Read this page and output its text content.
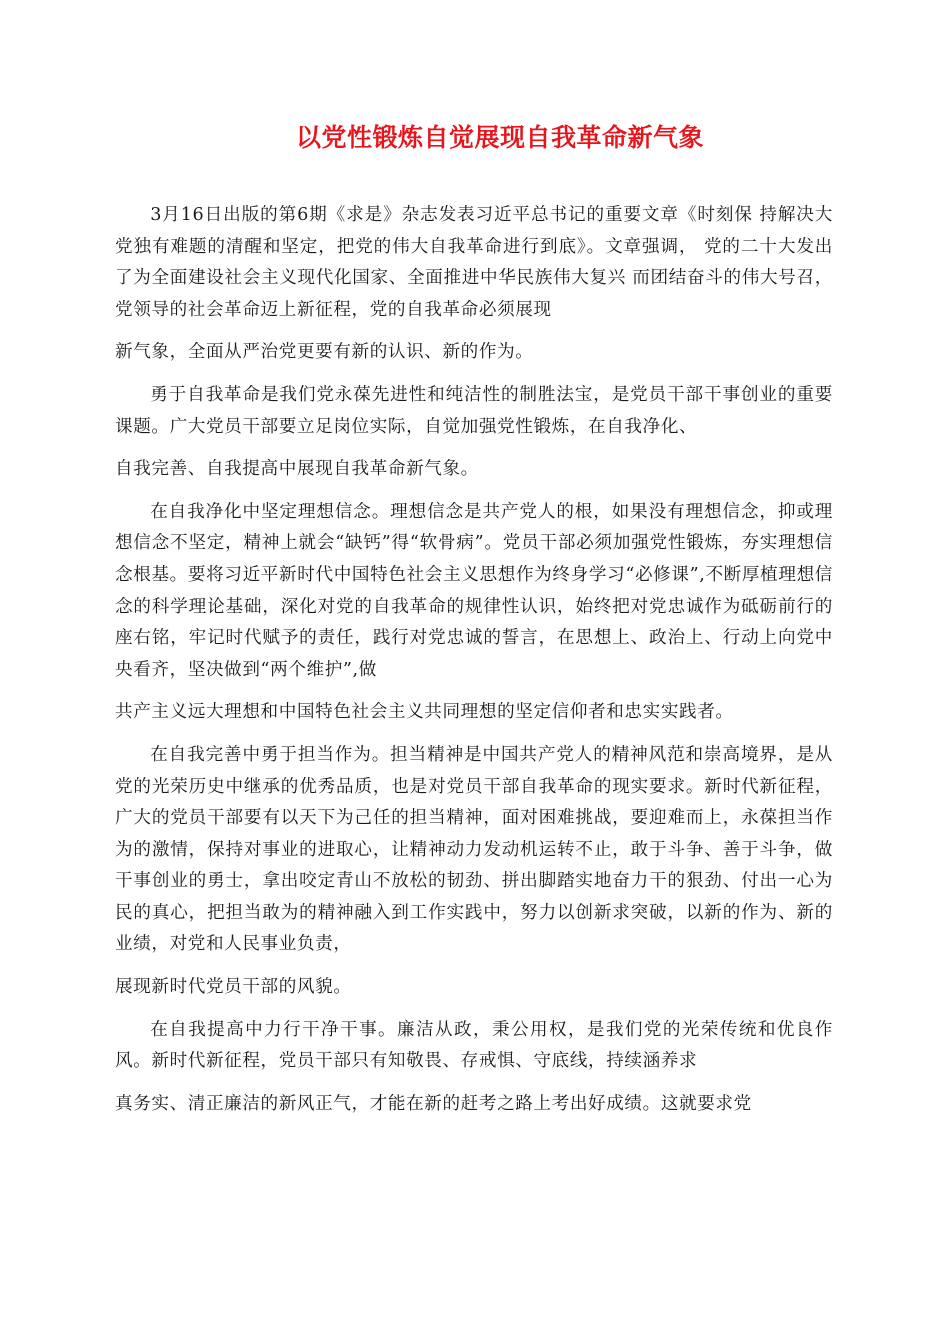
以党性锻炼自觉展现自我革命新气象

3月16日出版的第6期《求是》杂志发表习近平总书记的重要文章《时刻保 持解决大党独有难题的清醒和坚定，把党的伟大自我革命进行到底》。文章强调， 党的二十大发出了为全面建设社会主义现代化国家、全面推进中华民族伟大复兴 而团结奋斗的伟大号召，党领导的社会革命迈上新征程，党的自我革命必须展现

新气象，全面从严治党更要有新的认识、新的作为。

勇于自我革命是我们党永葆先进性和纯洁性的制胜法宝，是党员干部干事创业的重要课题。广大党员干部要立足岗位实际，自觉加强党性锻炼，在自我净化、

自我完善、自我提高中展现自我革命新气象。

在自我净化中坚定理想信念。理想信念是共产党人的根，如果没有理想信念，抑或理想信念不坚定，精神上就会“缺钙”得“软骨病”。党员干部必须加强党性锻炼，夯实理想信念根基。要将习近平新时代中国特色社会主义思想作为终身学习“必修课”,不断厚植理想信念的科学理论基础，深化对党的自我革命的规律性认识，始终把对党忠诚作为砥砺前行的座右铭，牢记时代赋予的责任，践行对党忠诚的誓言，在思想上、政治上、行动上向党中央看齐，坚决做到“两个维护”,做

共产主义远大理想和中国特色社会主义共同理想的坚定信仰者和忠实实践者。

在自我完善中勇于担当作为。担当精神是中国共产党人的精神风范和崇高境界，是从党的光荣历史中继承的优秀品质，也是对党员干部自我革命的现实要求。新时代新征程，广大的党员干部要有以天下为己任的担当精神，面对困难挑战，要迎难而上，永葆担当作为的激情，保持对事业的进取心，让精神动力发动机运转不止，敢于斗争、善于斗争，做干事创业的勇士，拿出咬定青山不放松的韧劲、拼出脚踏实地奋力干的狠劲、付出一心为民的真心，把担当敢为的精神融入到工作实践中，努力以创新求突破，以新的作为、新的业绩，对党和人民事业负责，

展现新时代党员干部的风貌。

在自我提高中力行干净干事。廉洁从政，秉公用权，是我们党的光荣传统和优良作风。新时代新征程，党员干部只有知敬畏、存戒惧、守底线，持续涵养求

真务实、清正廉洁的新风正气，才能在新的赶考之路上考出好成绩。这就要求党
